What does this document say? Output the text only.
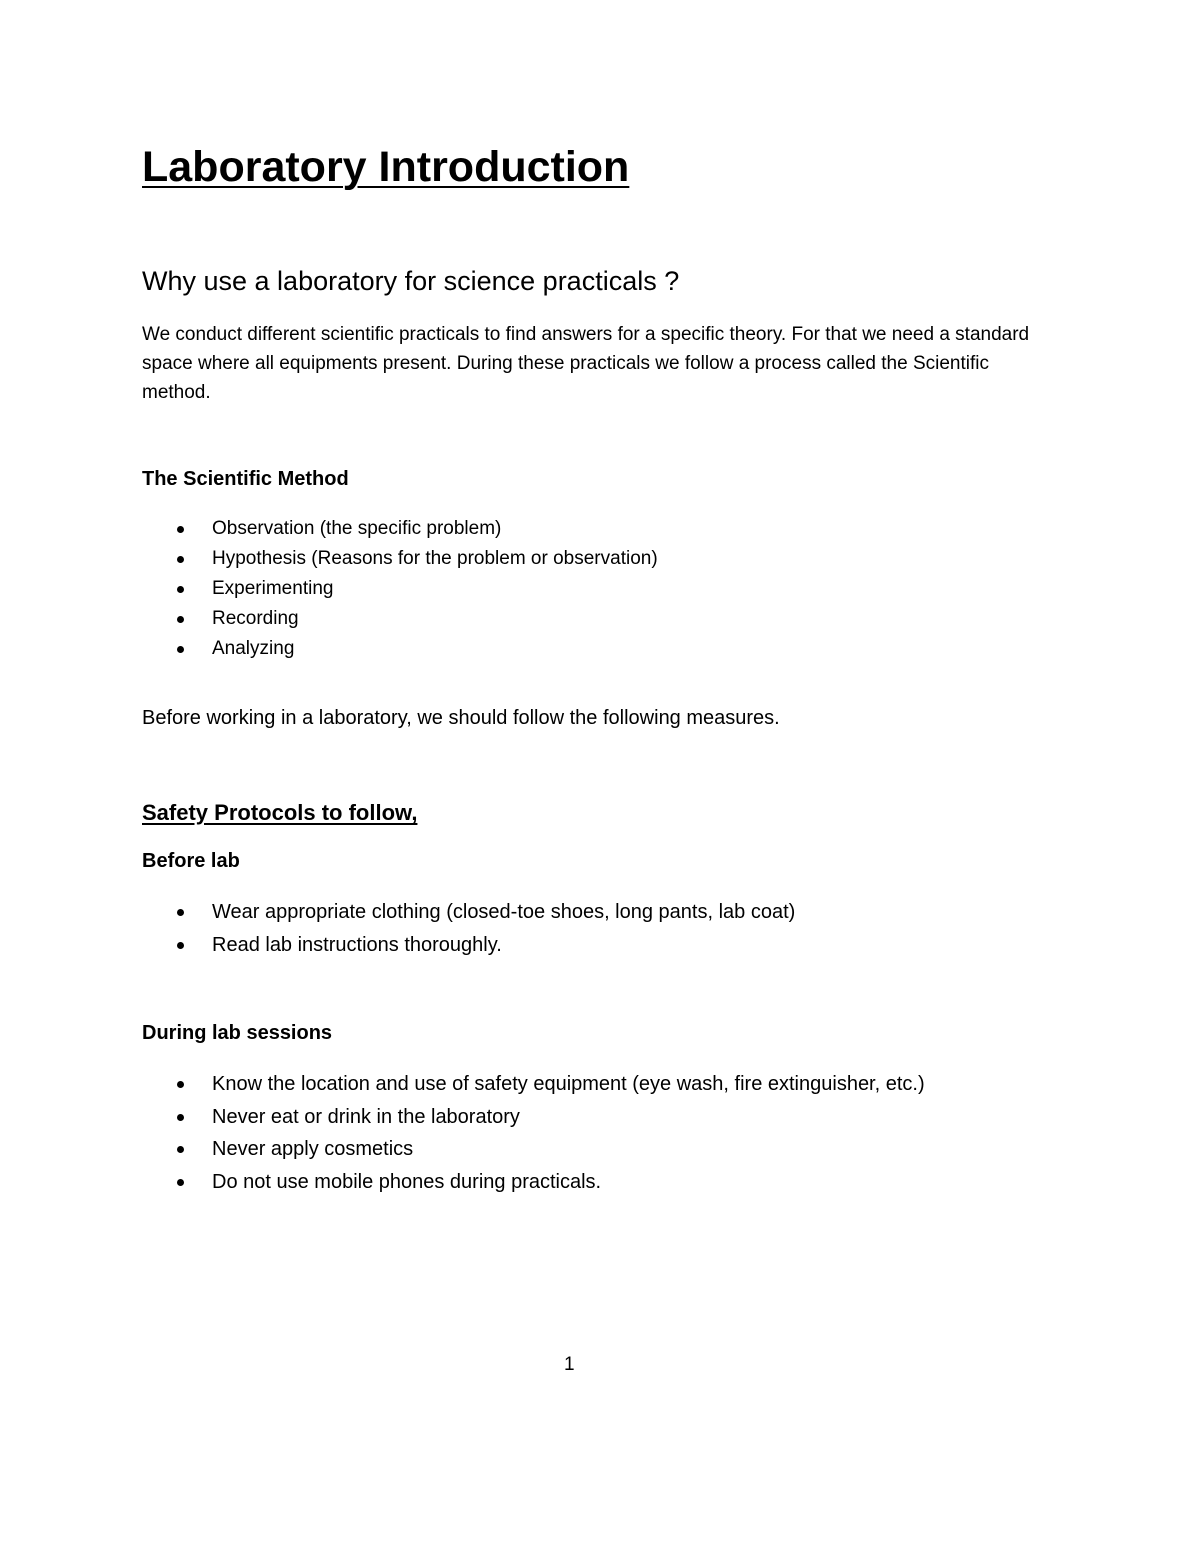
Laboratory Introduction
Why use a laboratory for science practicals ?

We conduct different scientific practicals to find answers for a specific theory. For that we need a standard space where all equipments present. During these practicals we follow a process called the Scientific method.

The Scientific Method
Observation (the specific problem)
Hypothesis (Reasons for the problem or observation)
Experimenting
Recording
Analyzing

Before working in a laboratory, we should follow the following measures.

Safety Protocols to follow,
Before lab
Wear appropriate clothing (closed-toe shoes, long pants, lab coat)
Read lab instructions thoroughly.
During lab sessions
Know the location and use of safety equipment (eye wash, fire extinguisher, etc.)
Never eat or drink in the laboratory
Never apply cosmetics
Do not use mobile phones during practicals.
1
